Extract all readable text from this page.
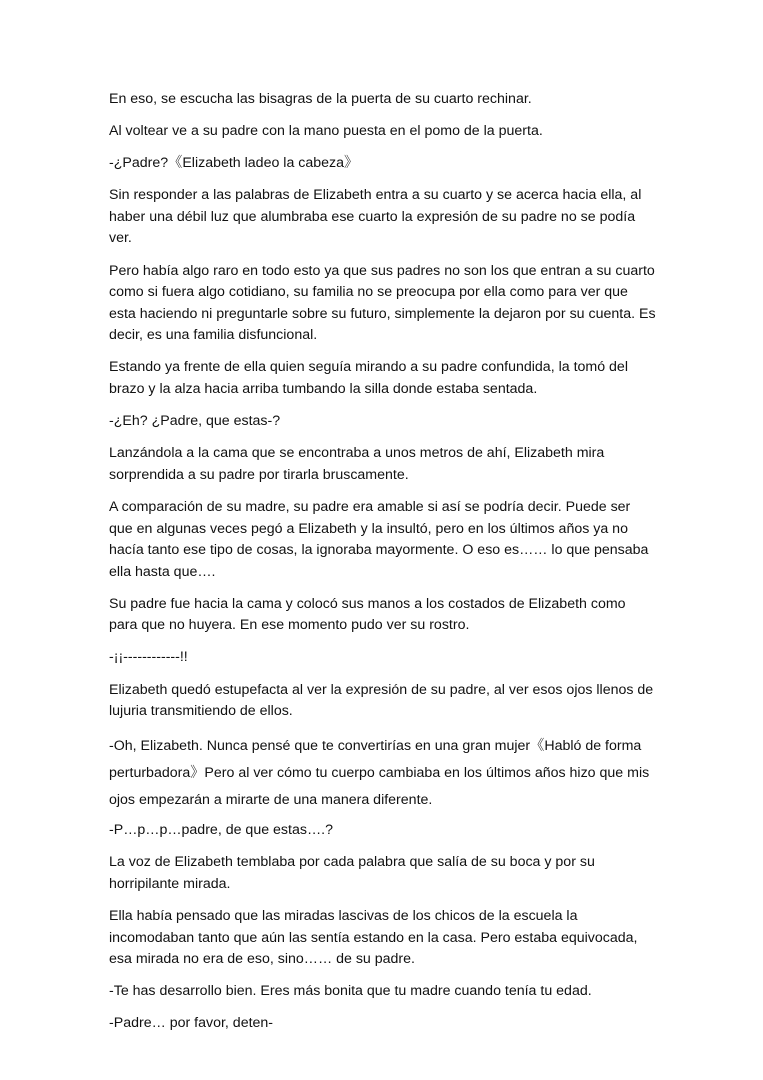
En eso, se escucha las bisagras de la puerta de su cuarto rechinar.

Al voltear ve a su padre con la mano puesta en el pomo de la puerta.

-¿Padre?《Elizabeth ladeo la cabeza》

Sin responder a las palabras de Elizabeth entra a su cuarto y se acerca hacia ella, al haber una débil luz que alumbraba ese cuarto la expresión de su padre no se podía ver.

Pero había algo raro en todo esto ya que sus padres no son los que entran a su cuarto como si fuera algo cotidiano, su familia no se preocupa por ella como para ver que esta haciendo ni preguntarle sobre su futuro, simplemente la dejaron por su cuenta. Es decir, es una familia disfuncional.

Estando ya frente de ella quien seguía mirando a su padre confundida, la tomó del brazo y la alza hacia arriba tumbando la silla donde estaba sentada.

-¿Eh? ¿Padre, que estas-?

Lanzándola a la cama que se encontraba a unos metros de ahí, Elizabeth mira sorprendida a su padre por tirarla bruscamente.

A comparación de su madre, su padre era amable si así se podría decir. Puede ser que en algunas veces pegó a Elizabeth y la insultó, pero en los últimos años ya no hacía tanto ese tipo de cosas, la ignoraba mayormente. O eso es…… lo que pensaba ella hasta que….

Su padre fue hacia la cama y colocó sus manos a los costados de Elizabeth como para que no huyera. En ese momento pudo ver su rostro.

-¡¡------------!!

Elizabeth quedó estupefacta al ver la expresión de su padre, al ver esos ojos llenos de lujuria transmitiendo de ellos.

-Oh, Elizabeth. Nunca pensé que te convertirías en una gran mujer《Habló de forma perturbadora》Pero al ver cómo tu cuerpo cambiaba en los últimos años hizo que mis ojos empezarán a mirarte de una manera diferente.

-P…p…p…padre, de que estas….?

La voz de Elizabeth temblaba por cada palabra que salía de su boca y por su horripilante mirada.

Ella había pensado que las miradas lascivas de los chicos de la escuela la incomodaban tanto que aún las sentía estando en la casa. Pero estaba equivocada, esa mirada no era de eso, sino…… de su padre.

-Te has desarrollo bien. Eres más bonita que tu madre cuando tenía tu edad.

-Padre… por favor, deten-
